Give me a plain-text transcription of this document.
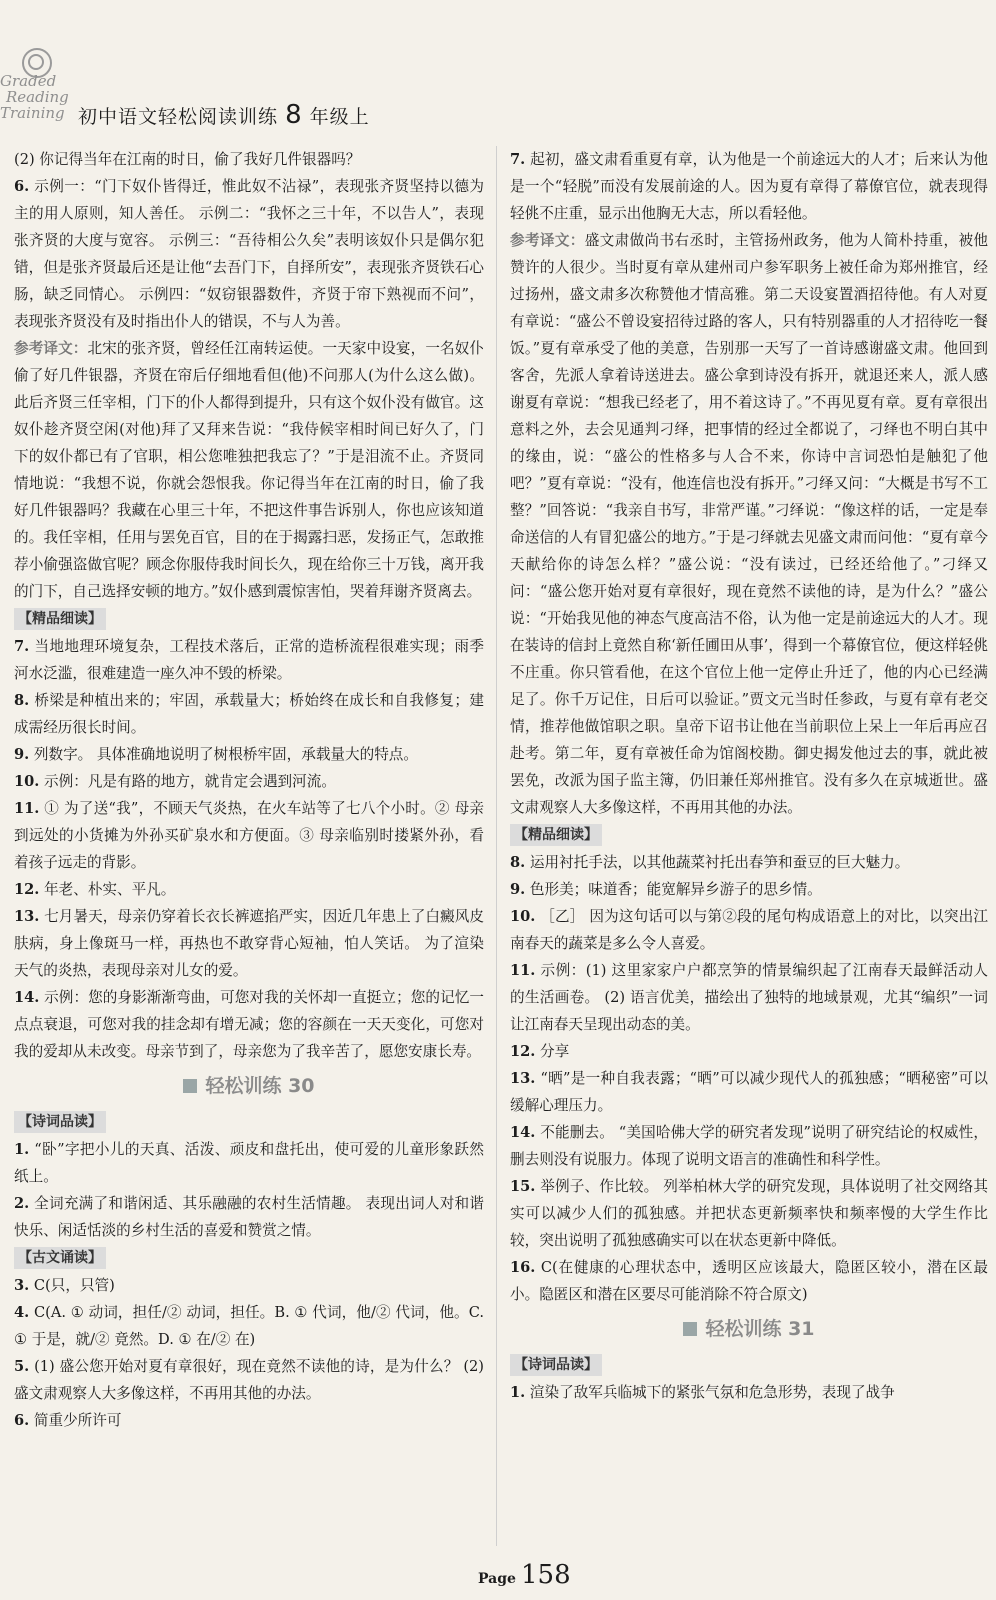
Graded
Reading
Training 初中语文轻松阅读训练 8 年级上

(2) 你记得当年在江南的时日，偷了我好几件银器吗？

6. 示例一：“门下奴仆皆得迁，惟此奴不沾禄”，表现张齐贤坚持以德为主的用人原则，知人善任。 示例二：“我怀之三十年，不以告人”，表现张齐贤的大度与宽容。 示例三：“吾待相公久矣”表明该奴仆只是偶尔犯错，但是张齐贤最后还是让他“去吾门下，自择所安”，表现张齐贤铁石心肠，缺乏同情心。 示例四：“奴窃银器数件，齐贤于帘下熟视而不问”，表现张齐贤没有及时指出仆人的错误，不与人为善。

参考译文：北宋的张齐贤，曾经任江南转运使。一天家中设宴，一名奴仆偷了好几件银器，齐贤在帘后仔细地看但(他)不问那人(为什么这么做)。此后齐贤三任宰相，门下的仆人都得到提升，只有这个奴仆没有做官。这奴仆趁齐贤空闲(对他)拜了又拜来告说：“我侍候宰相时间已好久了，门下的奴仆都已有了官职，相公您唯独把我忘了？”于是泪流不止。齐贤同情地说：“我想不说，你就会怨恨我。你记得当年在江南的时日，偷了我好几件银器吗？我藏在心里三十年，不把这件事告诉别人，你也应该知道的。我任宰相，任用与罢免百官，目的在于揭露扫恶，发扬正气，怎敢推荐小偷强盗做官呢？顾念你服侍我时间长久，现在给你三十万钱，离开我的门下，自己选择安顿的地方。”奴仆感到震惊害怕，哭着拜谢齐贤离去。

【精品细读】

7. 当地地理环境复杂，工程技术落后，正常的造桥流程很难实现；雨季河水泛滥，很难建造一座久冲不毁的桥梁。

8. 桥梁是种植出来的；牢固，承载量大；桥始终在成长和自我修复；建成需经历很长时间。

9. 列数字。 具体准确地说明了树根桥牢固，承载量大的特点。

10. 示例：凡是有路的地方，就肯定会遇到河流。

11. ① 为了送“我”，不顾天气炎热，在火车站等了七八个小时。② 母亲到远处的小货摊为外孙买矿泉水和方便面。③ 母亲临别时搂紧外孙，看着孩子远走的背影。

12. 年老、朴实、平凡。

13. 七月暑天，母亲仍穿着长衣长裤遮掐严实，因近几年患上了白癜风皮肤病，身上像斑马一样，再热也不敢穿背心短袖，怕人笑话。 为了渲染天气的炎热，表现母亲对儿女的爱。

14. 示例：您的身影渐渐弯曲，可您对我的关怀却一直挺立；您的记忆一点点衰退，可您对我的挂念却有增无减；您的容颜在一天天变化，可您对我的爱却从未改变。母亲节到了，母亲您为了我辛苦了，愿您安康长寿。

轻松训练 30
【诗词品读】

1. “卧”字把小儿的天真、活泼、顽皮和盘托出，使可爱的儿童形象跃然纸上。

2. 全词充满了和谐闲适、其乐融融的农村生活情趣。 表现出词人对和谐快乐、闲适恬淡的乡村生活的喜爱和赞赏之情。

【古文诵读】

3. C(只，只管)

4. C(A. ① 动词，担任/② 动词，担任。B. ① 代词，他/② 代词，他。C. ① 于是，就/② 竟然。D. ① 在/② 在)

5. (1) 盛公您开始对夏有章很好，现在竟然不读他的诗，是为什么？ (2) 盛文肃观察人大多像这样，不再用其他的办法。

6. 简重少所许可

7. 起初，盛文肃看重夏有章，认为他是一个前途远大的人才；后来认为他是一个“轻脱”而没有发展前途的人。因为夏有章得了幕僚官位，就表现得轻佻不庄重，显示出他胸无大志，所以看轻他。

参考译文：盛文肃做尚书右丞时，主管扬州政务，他为人简朴持重，被他赞许的人很少。当时夏有章从建州司户参军职务上被任命为郑州推官，经过扬州，盛文肃多次称赞他才情高雅。第二天设宴置酒招待他。有人对夏有章说：“盛公不曾设宴招待过路的客人，只有特别器重的人才招待吃一餐饭。”夏有章承受了他的美意，告别那一天写了一首诗感谢盛文肃。他回到客舍，先派人拿着诗送进去。盛公拿到诗没有拆开，就退还来人，派人感谢夏有章说：“想我已经老了，用不着这诗了。”不再见夏有章。夏有章很出意料之外，去会见通判刁绎，把事情的经过全都说了，刁绎也不明白其中的缘由，说：“盛公的性格多与人合不来，你诗中言词恐怕是触犯了他吧？”夏有章说：“没有，他连信也没有拆开。”刁绎又问：“大概是书写不工整？”回答说：“我亲自书写，非常严谨。”刁绎说：“像这样的话，一定是奉命送信的人有冒犯盛公的地方。”于是刁绎就去见盛文肃而问他：“夏有章今天献给你的诗怎么样？”盛公说：“没有读过，已经还给他了。”刁绎又问：“盛公您开始对夏有章很好，现在竟然不读他的诗，是为什么？”盛公说：“开始我见他的神态气度高洁不俗，认为他一定是前途远大的人才。现在装诗的信封上竟然自称‘新任圃田从事’，得到一个幕僚官位，便这样轻佻不庄重。你只管看他，在这个官位上他一定停止升迁了，他的内心已经满足了。你千万记住，日后可以验证。”贾文元当时任参政，与夏有章有老交情，推荐他做馆职之职。皇帝下诏书让他在当前职位上呆上一年后再应召赴考。第二年，夏有章被任命为馆阁校勘。御史揭发他过去的事，就此被罢免，改派为国子监主簿，仍旧兼任郑州推官。没有多久在京城逝世。盛文肃观察人大多像这样，不再用其他的办法。

【精品细读】

8. 运用衬托手法，以其他蔬菜衬托出春笋和蚕豆的巨大魅力。

9. 色形美；味道香；能宽解异乡游子的思乡情。

10. ［乙］ 因为这句话可以与第②段的尾句构成语意上的对比，以突出江南春天的蔬菜是多么令人喜爱。

11. 示例：(1) 这里家家户户都烹笋的情景编织起了江南春天最鲜活动人的生活画卷。 (2) 语言优美，描绘出了独特的地域景观，尤其“编织”一词让江南春天呈现出动态的美。

12. 分享

13. “晒”是一种自我表露；“晒”可以减少现代人的孤独感；“晒秘密”可以缓解心理压力。

14. 不能删去。 “美国哈佛大学的研究者发现”说明了研究结论的权威性，删去则没有说服力。体现了说明文语言的准确性和科学性。

15. 举例子、作比较。 列举柏林大学的研究发现，具体说明了社交网络其实可以减少人们的孤独感。并把状态更新频率快和频率慢的大学生作比较，突出说明了孤独感确实可以在状态更新中降低。

16. C(在健康的心理状态中，透明区应该最大，隐匿区较小，潜在区最小。隐匿区和潜在区要尽可能消除不符合原文)

轻松训练 31
【诗词品读】

1. 渲染了敌军兵临城下的紧张气氛和危急形势，表现了战争

Page 158
